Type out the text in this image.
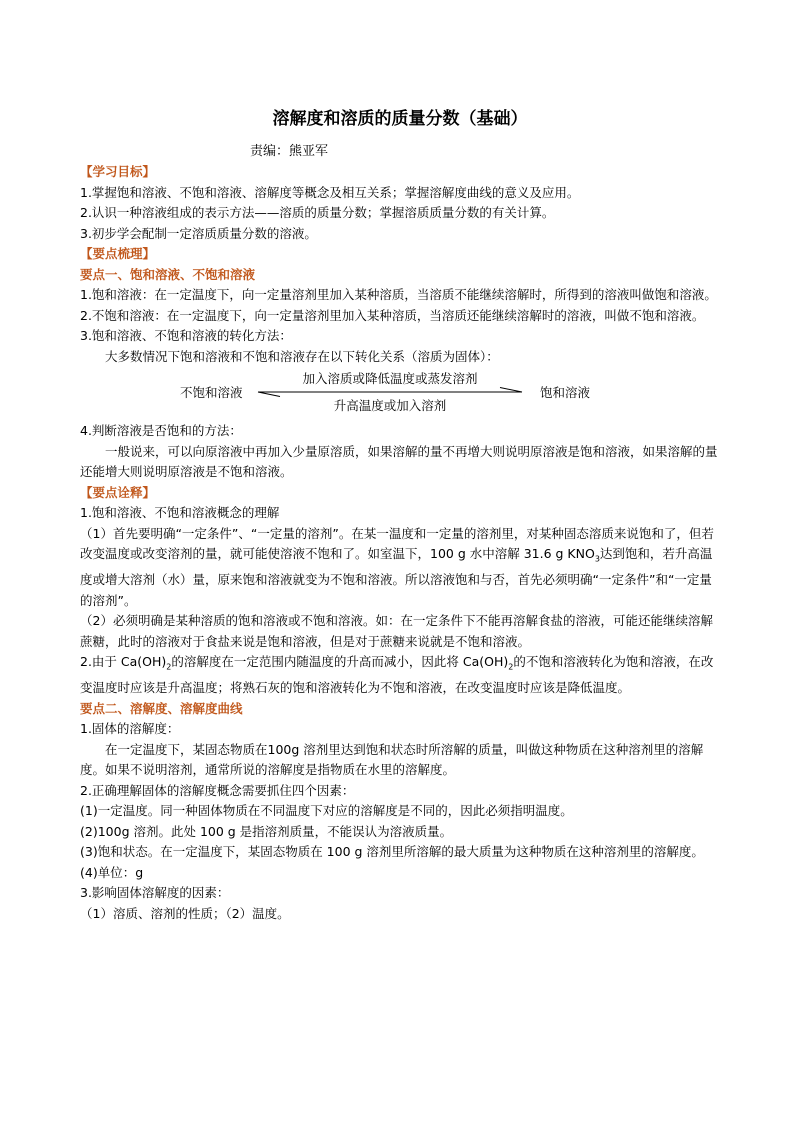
溶解度和溶质的质量分数（基础）
责编：熊亚军

【学习目标】

1.掌握饱和溶液、不饱和溶液、溶解度等概念及相互关系；掌握溶解度曲线的意义及应用。

2.认识一种溶液组成的表示方法——溶质的质量分数；掌握溶质质量分数的有关计算。

3.初步学会配制一定溶质质量分数的溶液。

【要点梳理】

要点一、饱和溶液、不饱和溶液

1.饱和溶液：在一定温度下，向一定量溶剂里加入某种溶质，当溶质不能继续溶解时，所得到的溶液叫做饱和溶液。

2.不饱和溶液：在一定温度下，向一定量溶剂里加入某种溶质，当溶质还能继续溶解时的溶液，叫做不饱和溶液。

3.饱和溶液、不饱和溶液的转化方法：

大多数情况下饱和溶液和不饱和溶液存在以下转化关系（溶质为固体）：

不饱和溶液
加入溶质或降低温度或蒸发溶剂
升高温度或加入溶剂
饱和溶液

4.判断溶液是否饱和的方法：

一般说来，可以向原溶液中再加入少量原溶质，如果溶解的量不再增大则说明原溶液是饱和溶液，如果溶解的量还能增大则说明原溶液是不饱和溶液。

【要点诠释】

1.饱和溶液、不饱和溶液概念的理解

（1）首先要明确“一定条件”、“一定量的溶剂”。在某一温度和一定量的溶剂里，对某种固态溶质来说饱和了，但若改变温度或改变溶剂的量，就可能使溶液不饱和了。如室温下，100 g 水中溶解 31.6 g $KNO_3$达到饱和，若升高温度或增大溶剂（水）量，原来饱和溶液就变为不饱和溶液。所以溶液饱和与否，首先必须明确“一定条件”和“一定量的溶剂”。

（2）必须明确是某种溶质的饱和溶液或不饱和溶液。如：在一定条件下不能再溶解食盐的溶液，可能还能继续溶解蔗糖，此时的溶液对于食盐来说是饱和溶液，但是对于蔗糖来说就是不饱和溶液。

2.由于 $Ca(OH)_2$的溶解度在一定范围内随温度的升高而减小，因此将 $Ca(OH)_2$的不饱和溶液转化为饱和溶液，在改变温度时应该是升高温度；将熟石灰的饱和溶液转化为不饱和溶液，在改变温度时应该是降低温度。

要点二、溶解度、溶解度曲线

1.固体的溶解度：

在一定温度下，某固态物质在100g 溶剂里达到饱和状态时所溶解的质量，叫做这种物质在这种溶剂里的溶解度。如果不说明溶剂，通常所说的溶解度是指物质在水里的溶解度。

2.正确理解固体的溶解度概念需要抓住四个因素：

(1)一定温度。同一种固体物质在不同温度下对应的溶解度是不同的，因此必须指明温度。

(2)100g 溶剂。此处 100 g 是指溶剂质量，不能误认为溶液质量。

(3)饱和状态。在一定温度下，某固态物质在 100 g 溶剂里所溶解的最大质量为这种物质在这种溶剂里的溶解度。

(4)单位：g

3.影响固体溶解度的因素：

（1）溶质、溶剂的性质；（2）温度。
